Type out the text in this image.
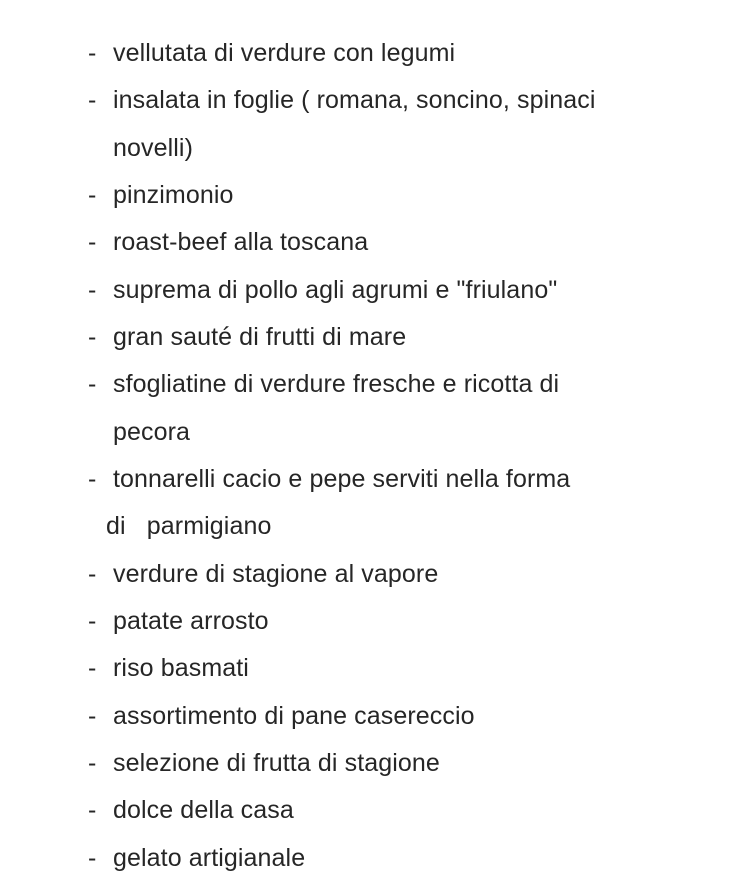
- vellutata di verdure con legumi
- insalata in foglie ( romana, soncino, spinaci
novelli)
- pinzimonio
- roast-beef alla toscana
- suprema di pollo agli agrumi e "friulano"
- gran sauté di frutti di mare
- sfogliatine di verdure fresche e ricotta di
pecora
- tonnarelli cacio e pepe serviti nella forma
di   parmigiano
- verdure di stagione al vapore
- patate arrosto
- riso basmati
- assortimento di pane casereccio
- selezione di frutta di stagione
- dolce della casa
- gelato artigianale
